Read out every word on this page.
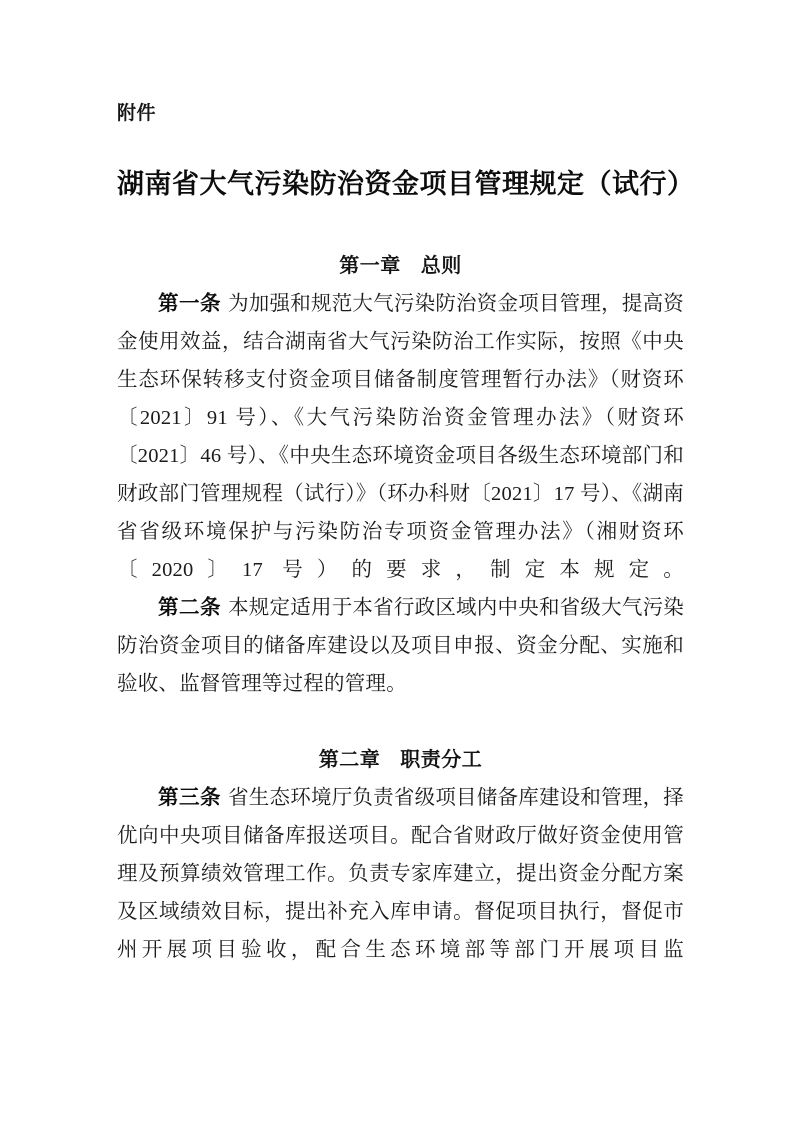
附件
湖南省大气污染防治资金项目管理规定（试行）
第一章 总则

第一条 为加强和规范大气污染防治资金项目管理，提高资金使用效益，结合湖南省大气污染防治工作实际，按照《中央生态环保转移支付资金项目储备制度管理暂行办法》（财资环〔2021〕91 号）、《大气污染防治资金管理办法》（财资环〔2021〕46 号）、《中央生态环境资金项目各级生态环境部门和财政部门管理规程（试行）》（环办科财〔2021〕17 号）、《湖南省省级环境保护与污染防治专项资金管理办法》（湘财资环〔2020〕17 号）的要求，制定本规定。

第二条 本规定适用于本省行政区域内中央和省级大气污染防治资金项目的储备库建设以及项目申报、资金分配、实施和验收、监督管理等过程的管理。

第二章 职责分工

第三条 省生态环境厅负责省级项目储备库建设和管理，择优向中央项目储备库报送项目。配合省财政厅做好资金使用管理及预算绩效管理工作。负责专家库建立，提出资金分配方案及区域绩效目标，提出补充入库申请。督促项目执行，督促市州开展项目验收，配合生态环境部等部门开展项目监
